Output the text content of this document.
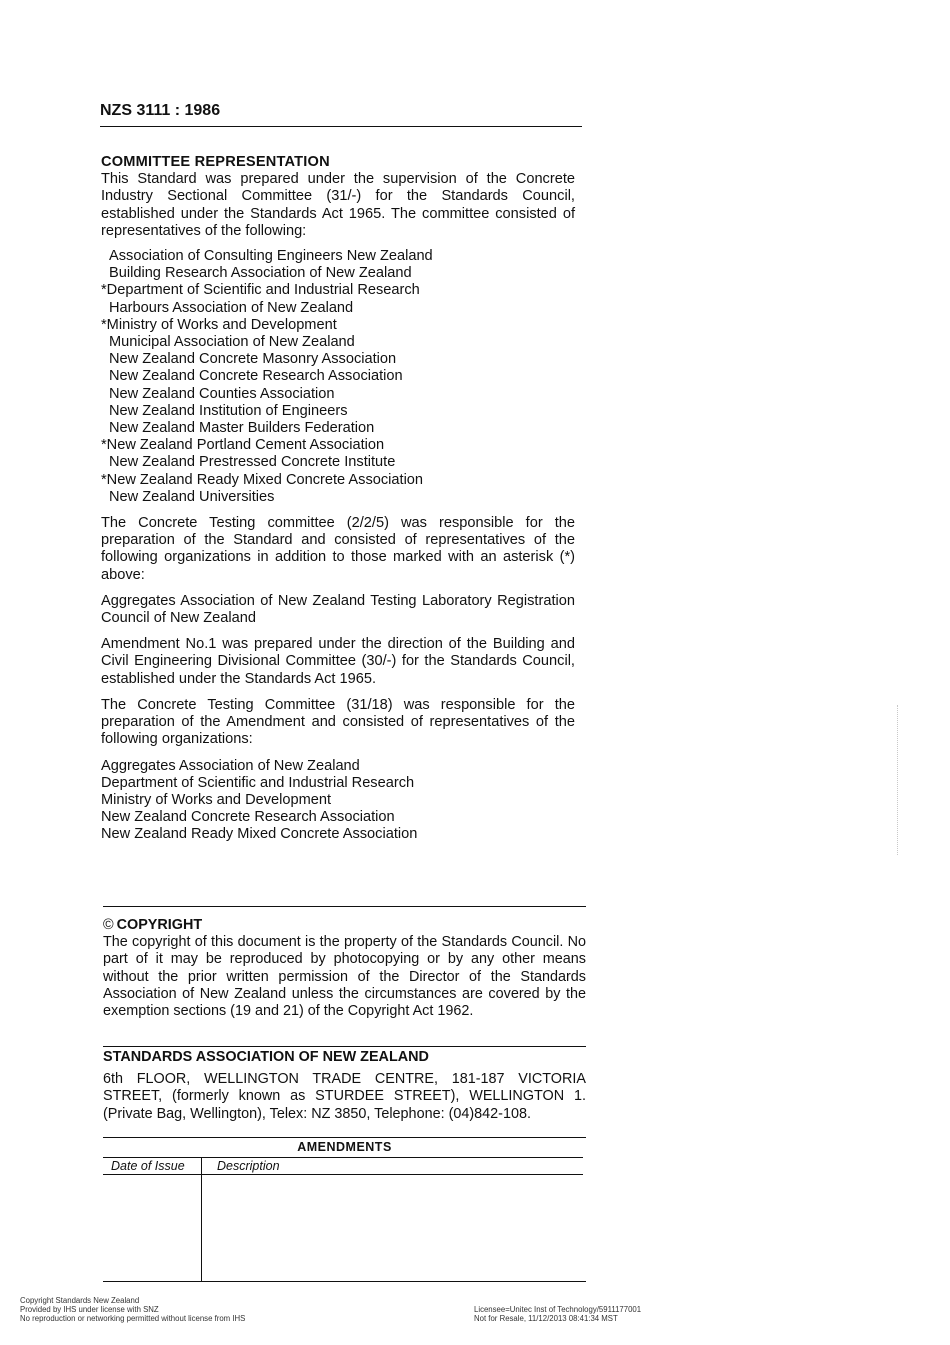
NZS 3111 : 1986
COMMITTEE REPRESENTATION

This Standard was prepared under the supervision of the Concrete Industry Sectional Committee (31/-) for the Standards Council, established under the Standards Act 1965. The committee consisted of representatives of the following:

Association of Consulting Engineers New Zealand
Building Research Association of New Zealand
*Department of Scientific and Industrial Research
Harbours Association of New Zealand
*Ministry of Works and Development
Municipal Association of New Zealand
New Zealand Concrete Masonry Association
New Zealand Concrete Research Association
New Zealand Counties Association
New Zealand Institution of Engineers
New Zealand Master Builders Federation
*New Zealand Portland Cement Association
New Zealand Prestressed Concrete Institute
*New Zealand Ready Mixed Concrete Association
New Zealand Universities

The Concrete Testing committee (2/2/5) was responsible for the preparation of the Standard and consisted of representatives of the following organizations in addition to those marked with an asterisk (*) above:

Aggregates Association of New Zealand Testing Laboratory Registration Council of New Zealand

Amendment No.1 was prepared under the direction of the Building and Civil Engineering Divisional Committee (30/-) for the Standards Council, established under the Standards Act 1965.

The Concrete Testing Committee (31/18) was responsible for the preparation of the Amendment and consisted of representatives of the following organizations:

Aggregates Association of New Zealand
Department of Scientific and Industrial Research
Ministry of Works and Development
New Zealand Concrete Research Association
New Zealand Ready Mixed Concrete Association
© COPYRIGHT

The copyright of this document is the property of the Standards Council. No part of it may be reproduced by photocopying or by any other means without the prior written permission of the Director of the Standards Association of New Zealand unless the circumstances are covered by the exemption sections (19 and 21) of the Copyright Act 1962.

STANDARDS ASSOCIATION OF NEW ZEALAND

6th FLOOR, WELLINGTON TRADE CENTRE, 181-187 VICTORIA STREET, (formerly known as STURDEE STREET), WELLINGTON 1. (Private Bag, Wellington), Telex: NZ 3850, Telephone: (04)842-108.

AMENDMENTS
Date of Issue	Description
Copyright Standards New Zealand
Provided by IHS under license with SNZ
No reproduction or networking permitted without license from IHS
Licensee=Unitec Inst of Technology/5911177001
Not for Resale, 11/12/2013 08:41:34 MST
